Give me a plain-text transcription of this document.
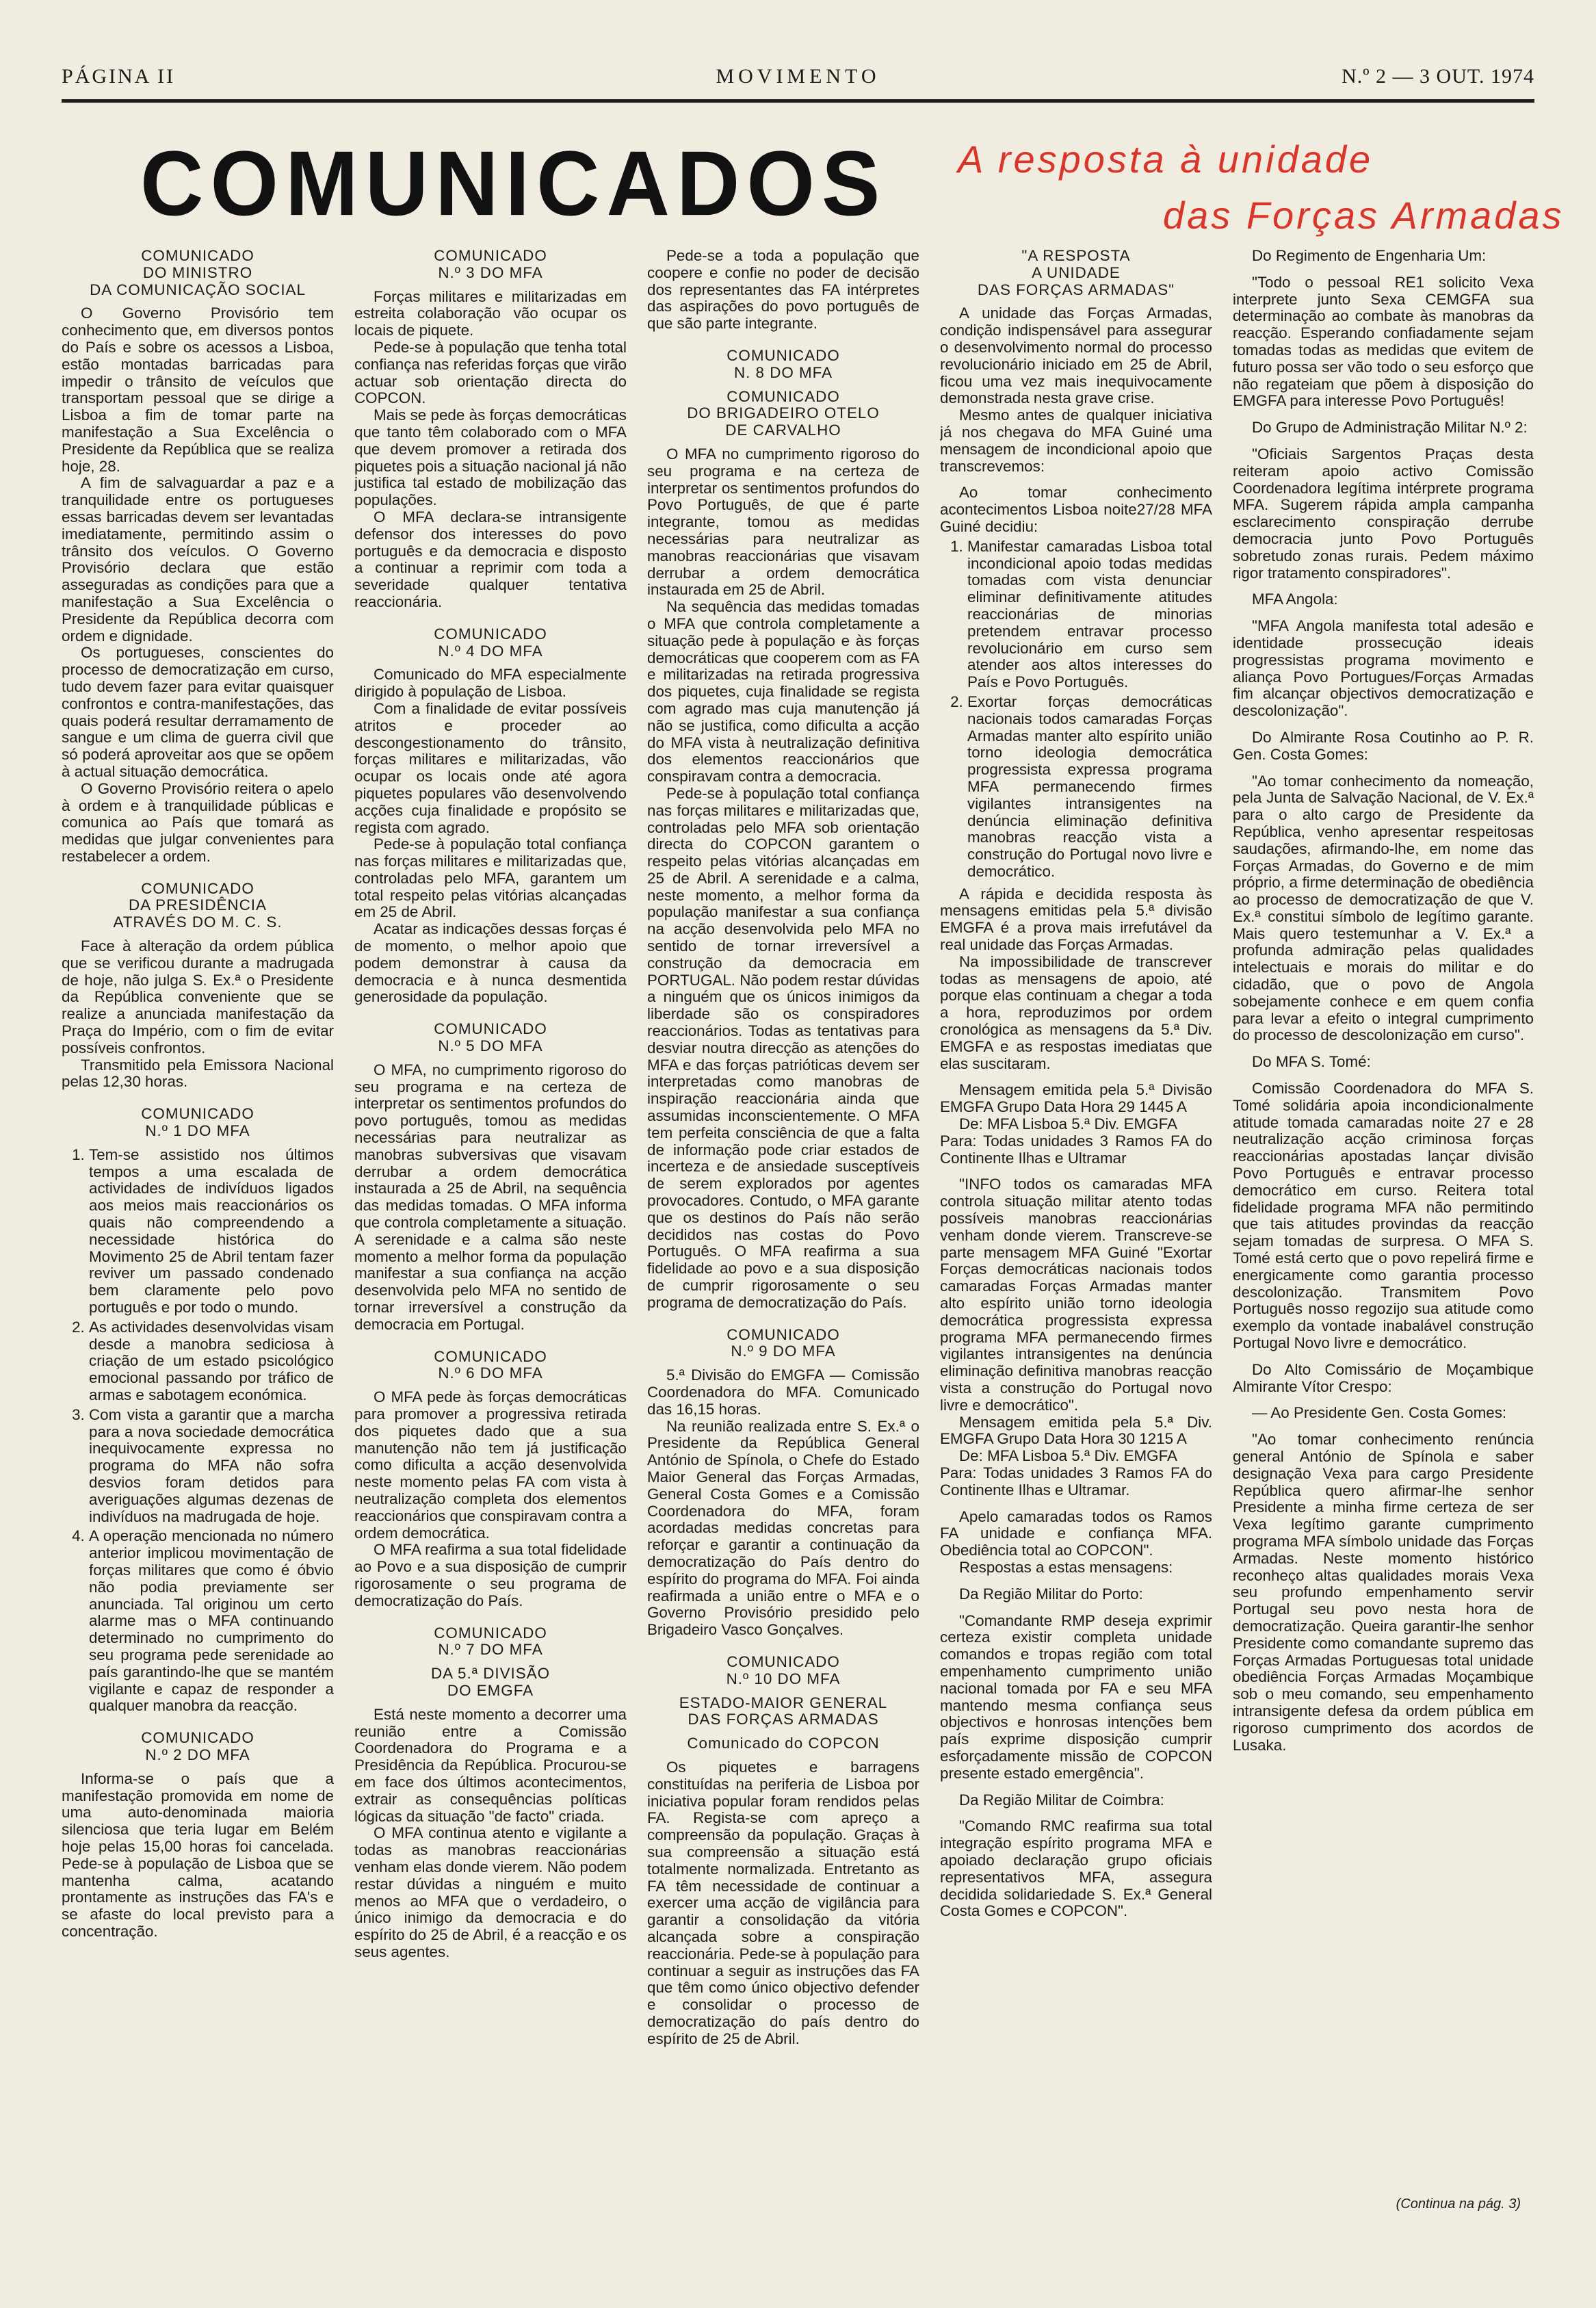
PÁGINA II	MOVIMENTO	N.º 2 — 3 OUT. 1974
COMUNICADOS A resposta à unidade
das Forças Armadas
COMUNICADO
DO MINISTRO
DA COMUNICAÇÃO SOCIAL

O Governo Provisório tem conhecimento que, em diversos pontos do País e sobre os acessos a Lisboa, estão montadas barricadas para impedir o trânsito de veículos que transportam pessoal que se dirige a Lisboa a fim de tomar parte na manifestação a Sua Excelência o Presidente da República que se realiza hoje, 28.

A fim de salvaguardar a paz e a tranquilidade entre os portugueses essas barricadas devem ser levantadas imediatamente, permitindo assim o trânsito dos veículos. O Governo Provisório declara que estão asseguradas as condições para que a manifestação a Sua Excelência o Presidente da República decorra com ordem e dignidade.

Os portugueses, conscientes do processo de democratização em curso, tudo devem fazer para evitar quaisquer confrontos e contra-manifestações, das quais poderá resultar derramamento de sangue e um clima de guerra civil que só poderá aproveitar aos que se opõem à actual situação democrática.

O Governo Provisório reitera o apelo à ordem e à tranquilidade públicas e comunica ao País que tomará as medidas que julgar convenientes para restabelecer a ordem.

COMUNICADO
DA PRESIDÊNCIA
ATRAVÉS DO M. C. S.

Face à alteração da ordem pública que se verificou durante a madrugada de hoje, não julga S. Ex.ª o Presidente da República conveniente que se realize a anunciada manifestação da Praça do Império, com o fim de evitar possíveis confrontos.

Transmitido pela Emissora Nacional pelas 12,30 horas.

COMUNICADO
N.º 1 DO MFA
1. Tem-se assistido nos últimos tempos a uma escalada de actividades de indivíduos ligados aos meios mais reaccionários os quais não compreendendo a necessidade histórica do Movimento 25 de Abril tentam fazer reviver um passado condenado bem claramente pelo povo português e por todo o mundo.
2. As actividades desenvolvidas visam desde a manobra sediciosa à criação de um estado psicológico emocional passando por tráfico de armas e sabotagem económica.
3. Com vista a garantir que a marcha para a nova sociedade democrática inequivocamente expressa no programa do MFA não sofra desvios foram detidos para averiguações algumas dezenas de indivíduos na madrugada de hoje.
4. A operação mencionada no número anterior implicou movimentação de forças militares que como é óbvio não podia previamente ser anunciada. Tal originou um certo alarme mas o MFA continuando determinado no cumprimento do seu programa pede serenidade ao país garantindo-lhe que se mantém vigilante e capaz de responder a qualquer manobra da reacção.
COMUNICADO
N.º 2 DO MFA

Informa-se o país que a manifestação promovida em nome de uma auto-denominada maioria silenciosa que teria lugar em Belém hoje pelas 15,00 horas foi cancelada. Pede-se à população de Lisboa que se mantenha calma, acatando prontamente as instruções das FA's e se afaste do local previsto para a concentração.

COMUNICADO
N.º 3 DO MFA

Forças militares e militarizadas em estreita colaboração vão ocupar os locais de piquete.

Pede-se à população que tenha total confiança nas referidas forças que virão actuar sob orientação directa do COPCON.

Mais se pede às forças democráticas que tanto têm colaborado com o MFA que devem promover a retirada dos piquetes pois a situação nacional já não justifica tal estado de mobilização das populações.

O MFA declara-se intransigente defensor dos interesses do povo português e da democracia e disposto a continuar a reprimir com toda a severidade qualquer tentativa reaccionária.

COMUNICADO
N.º 4 DO MFA

Comunicado do MFA especialmente dirigido à população de Lisboa.

Com a finalidade de evitar possíveis atritos e proceder ao descongestionamento do trânsito, forças militares e militarizadas, vão ocupar os locais onde até agora piquetes populares vão desenvolvendo acções cuja finalidade e propósito se regista com agrado.

Pede-se à população total confiança nas forças militares e militarizadas que, controladas pelo MFA, garantem um total respeito pelas vitórias alcançadas em 25 de Abril.

Acatar as indicações dessas forças é de momento, o melhor apoio que podem demonstrar à causa da democracia e à nunca desmentida generosidade da população.

COMUNICADO
N.º 5 DO MFA

O MFA, no cumprimento rigoroso do seu programa e na certeza de interpretar os sentimentos profundos do povo português, tomou as medidas necessárias para neutralizar as manobras subversivas que visavam derrubar a ordem democrática instaurada a 25 de Abril, na sequência das medidas tomadas. O MFA informa que controla completamente a situação. A serenidade e a calma são neste momento a melhor forma da população manifestar a sua confiança na acção desenvolvida pelo MFA no sentido de tornar irreversível a construção da democracia em Portugal.

COMUNICADO
N.º 6 DO MFA

O MFA pede às forças democráticas para promover a progressiva retirada dos piquetes dado que a sua manutenção não tem já justificação como dificulta a acção desenvolvida neste momento pelas FA com vista à neutralização completa dos elementos reaccionários que conspiravam contra a ordem democrática.

O MFA reafirma a sua total fidelidade ao Povo e a sua disposição de cumprir rigorosamente o seu programa de democratização do País.

COMUNICADO
N.º 7 DO MFA
DA 5.ª DIVISÃO
DO EMGFA

Está neste momento a decorrer uma reunião entre a Comissão Coordenadora do Programa e a Presidência da República. Procurou-se em face dos últimos acontecimentos, extrair as consequências políticas lógicas da situação "de facto" criada.

O MFA continua atento e vigilante a todas as manobras reaccionárias venham elas donde vierem. Não podem restar dúvidas a ninguém e muito menos ao MFA que o verdadeiro, o único inimigo da democracia e do espírito do 25 de Abril, é a reacção e os seus agentes.

Pede-se a toda a população que coopere e confie no poder de decisão dos representantes das FA intérpretes das aspirações do povo português de que são parte integrante.

COMUNICADO
N. 8 DO MFA
COMUNICADO
DO BRIGADEIRO OTELO
DE CARVALHO

O MFA no cumprimento rigoroso do seu programa e na certeza de interpretar os sentimentos profundos do Povo Português, de que é parte integrante, tomou as medidas necessárias para neutralizar as manobras reaccionárias que visavam derrubar a ordem democrática instaurada em 25 de Abril.

Na sequência das medidas tomadas o MFA que controla completamente a situação pede à população e às forças democráticas que cooperem com as FA e militarizadas na retirada progressiva dos piquetes, cuja finalidade se regista com agrado mas cuja manutenção já não se justifica, como dificulta a acção do MFA vista à neutralização definitiva dos elementos reaccionários que conspiravam contra a democracia.

Pede-se à população total confiança nas forças militares e militarizadas que, controladas pelo MFA sob orientação directa do COPCON garantem o respeito pelas vitórias alcançadas em 25 de Abril. A serenidade e a calma, neste momento, a melhor forma da população manifestar a sua confiança na acção desenvolvida pelo MFA no sentido de tornar irreversível a construção da democracia em PORTUGAL. Não podem restar dúvidas a ninguém que os únicos inimigos da liberdade são os conspiradores reaccionários. Todas as tentativas para desviar noutra direcção as atenções do MFA e das forças patrióticas devem ser interpretadas como manobras de inspiração reaccionária ainda que assumidas inconscientemente. O MFA tem perfeita consciência de que a falta de informação pode criar estados de incerteza e de ansiedade susceptíveis de serem explorados por agentes provocadores. Contudo, o MFA garante que os destinos do País não serão decididos nas costas do Povo Português. O MFA reafirma a sua fidelidade ao povo e a sua disposição de cumprir rigorosamente o seu programa de democratização do País.

COMUNICADO
N.º 9 DO MFA

5.ª Divisão do EMGFA — Comissão Coordenadora do MFA. Comunicado das 16,15 horas.

Na reunião realizada entre S. Ex.ª o Presidente da República General António de Spínola, o Chefe do Estado Maior General das Forças Armadas, General Costa Gomes e a Comissão Coordenadora do MFA, foram acordadas medidas concretas para reforçar e garantir a continuação da democratização do País dentro do espírito do programa do MFA. Foi ainda reafirmada a união entre o MFA e o Governo Provisório presidido pelo Brigadeiro Vasco Gonçalves.

COMUNICADO
N.º 10 DO MFA
ESTADO-MAIOR GENERAL
DAS FORÇAS ARMADAS
Comunicado do COPCON

Os piquetes e barragens constituídas na periferia de Lisboa por iniciativa popular foram rendidos pelas FA. Regista-se com apreço a compreensão da população. Graças à sua compreensão a situação está totalmente normalizada. Entretanto as FA têm necessidade de continuar a exercer uma acção de vigilância para garantir a consolidação da vitória alcançada sobre a conspiração reaccionária. Pede-se à população para continuar a seguir as instruções das FA que têm como único objectivo defender e consolidar o processo de democratização do país dentro do espírito de 25 de Abril.

"A RESPOSTA
A UNIDADE
DAS FORÇAS ARMADAS"

A unidade das Forças Armadas, condição indispensável para assegurar o desenvolvimento normal do processo revolucionário iniciado em 25 de Abril, ficou uma vez mais inequivocamente demonstrada nesta grave crise.

Mesmo antes de qualquer iniciativa já nos chegava do MFA Guiné uma mensagem de incondicional apoio que transcrevemos:

Ao tomar conhecimento acontecimentos Lisboa noite27/28 MFA Guiné decidiu:

1. Manifestar camaradas Lisboa total incondicional apoio todas medidas tomadas com vista denunciar eliminar definitivamente atitudes reaccionárias de minorias pretendem entravar processo revolucionário em curso sem atender aos altos interesses do País e Povo Português.
2. Exortar forças democráticas nacionais todos camaradas Forças Armadas manter alto espírito união torno ideologia democrática progressista expressa programa MFA permanecendo firmes vigilantes intransigentes na denúncia eliminação definitiva manobras reacção vista a construção do Portugal novo livre e democrático.

A rápida e decidida resposta às mensagens emitidas pela 5.ª divisão EMGFA é a prova mais irrefutável da real unidade das Forças Armadas.

Na impossibilidade de transcrever todas as mensagens de apoio, até porque elas continuam a chegar a toda a hora, reproduzimos por ordem cronológica as mensagens da 5.ª Div. EMGFA e as respostas imediatas que elas suscitaram.

Mensagem emitida pela 5.ª Divisão EMGFA Grupo Data Hora 29 1445 A

De: MFA Lisboa 5.ª Div. EMGFA
Para: Todas unidades 3 Ramos FA do Continente Ilhas e Ultramar

"INFO todos os camaradas MFA controla situação militar atento todas possíveis manobras reaccionárias venham donde vierem. Transcreve-se parte mensagem MFA Guiné "Exortar Forças democráticas nacionais todos camaradas Forças Armadas manter alto espírito união torno ideologia democrática progressista expressa programa MFA permanecendo firmes vigilantes intransigentes na denúncia eliminação definitiva manobras reacção vista a construção do Portugal novo livre e democrático".

Mensagem emitida pela 5.ª Div. EMGFA Grupo Data Hora 30 1215 A

De: MFA Lisboa 5.ª Div. EMGFA
Para: Todas unidades 3 Ramos FA do Continente Ilhas e Ultramar.

Apelo camaradas todos os Ramos FA unidade e confiança MFA. Obediência total ao COPCON".

Respostas a estas mensagens:

Da Região Militar do Porto:

"Comandante RMP deseja exprimir certeza existir completa unidade comandos e tropas região com total empenhamento cumprimento união nacional tomada por FA e seu MFA mantendo mesma confiança seus objectivos e honrosas intenções bem país exprime disposição cumprir esforçadamente missão de COPCON presente estado emergência".

Da Região Militar de Coimbra:

"Comando RMC reafirma sua total integração espírito programa MFA e apoiado declaração grupo oficiais representativos MFA, assegura decidida solidariedade S. Ex.ª General Costa Gomes e COPCON".

Do Regimento de Engenharia Um:

"Todo o pessoal RE1 solicito Vexa interprete junto Sexa CEMGFA sua determinação ao combate às manobras da reacção. Esperando confiadamente sejam tomadas todas as medidas que evitem de futuro possa ser vão todo o seu esforço que não regateiam que põem à disposição do EMGFA para interesse Povo Português!

Do Grupo de Administração Militar N.º 2:

"Oficiais Sargentos Praças desta reiteram apoio activo Comissão Coordenadora legítima intérprete programa MFA. Sugerem rápida ampla campanha esclarecimento conspiração derrube democracia junto Povo Português sobretudo zonas rurais. Pedem máximo rigor tratamento conspiradores".

MFA Angola:

"MFA Angola manifesta total adesão e identidade prossecução ideais progressistas programa movimento e aliança Povo Portugues/Forças Armadas fim alcançar objectivos democratização e descolonização".

Do Almirante Rosa Coutinho ao P. R. Gen. Costa Gomes:

"Ao tomar conhecimento da nomeação, pela Junta de Salvação Nacional, de V. Ex.ª para o alto cargo de Presidente da República, venho apresentar respeitosas saudações, afirmando-lhe, em nome das Forças Armadas, do Governo e de mim próprio, a firme determinação de obediência ao processo de democratização de que V. Ex.ª constitui símbolo de legítimo garante. Mais quero testemunhar a V. Ex.ª a profunda admiração pelas qualidades intelectuais e morais do militar e do cidadão, que o povo de Angola sobejamente conhece e em quem confia para levar a efeito o integral cumprimento do processo de descolonização em curso".

Do MFA S. Tomé:

Comissão Coordenadora do MFA S. Tomé solidária apoia incondicionalmente atitude tomada camaradas noite 27 e 28 neutralização acção criminosa forças reaccionárias apostadas lançar divisão Povo Português e entravar processo democrático em curso. Reitera total fidelidade programa MFA não permitindo que tais atitudes provindas da reacção sejam tomadas de surpresa. O MFA S. Tomé está certo que o povo repelirá firme e energicamente como garantia processo descolonização. Transmitem Povo Português nosso regozijo sua atitude como exemplo da vontade inabalável construção Portugal Novo livre e democrático.

Do Alto Comissário de Moçambique Almirante Vítor Crespo:

— Ao Presidente Gen. Costa Gomes:

"Ao tomar conhecimento renúncia general António de Spínola e saber designação Vexa para cargo Presidente República quero afirmar-lhe senhor Presidente a minha firme certeza de ser Vexa legítimo garante cumprimento programa MFA símbolo unidade das Forças Armadas. Neste momento histórico reconheço altas qualidades morais Vexa seu profundo empenhamento servir Portugal seu povo nesta hora de democratização. Queira garantir-lhe senhor Presidente como comandante supremo das Forças Armadas Portuguesas total unidade obediência Forças Armadas Moçambique sob o meu comando, seu empenhamento intransigente defesa da ordem pública em rigoroso cumprimento dos acordos de Lusaka.

(Continua na pág. 3)
